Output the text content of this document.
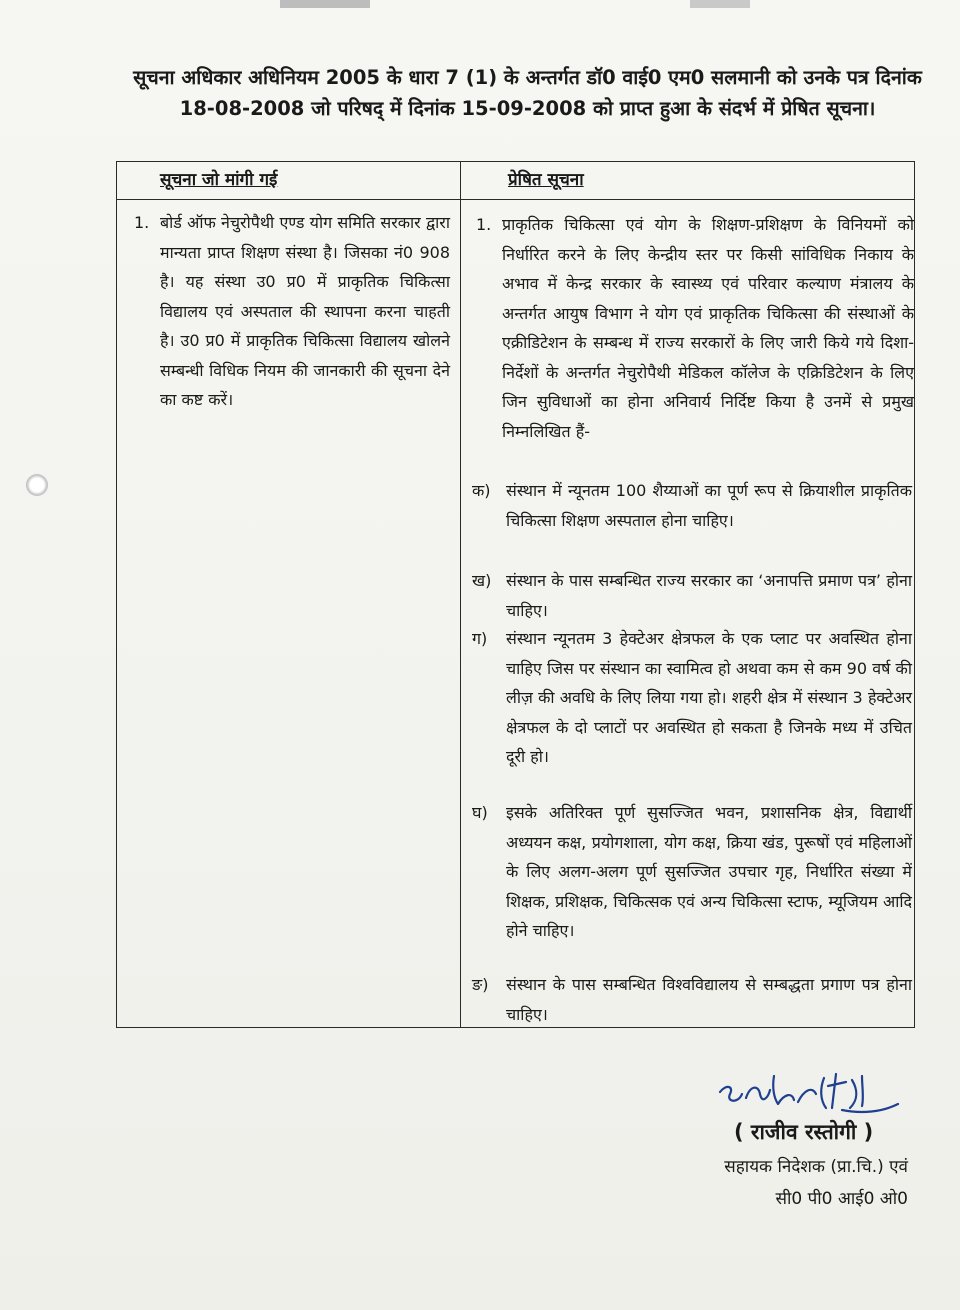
सूचना अधिकार अधिनियम 2005 के धारा 7 (1) के अन्तर्गत डॉ0 वाई0 एम0 सलमानी को उनके पत्र दिनांक 18-08-2008 जो परिषद् में दिनांक 15-09-2008 को प्राप्त हुआ के संदर्भ में प्रेषित सूचना।
सूचना जो मांगी गई	प्रेषित सूचना
1. बोर्ड ऑफ नेचुरोपैथी एण्ड योग समिति सरकार द्वारा मान्यता प्राप्त शिक्षण संस्था है। जिसका नं0 908 है। यह संस्था उ0 प्र0 में प्राकृतिक चिकित्सा विद्यालय एवं अस्पताल की स्थापना करना चाहती है। उ0 प्र0 में प्राकृतिक चिकित्सा विद्यालय खोलने सम्बन्धी विधिक नियम की जानकारी की सूचना देने का कष्ट करें।
1. प्राकृतिक चिकित्सा एवं योग के शिक्षण-प्रशिक्षण के विनियमों को निर्धारित करने के लिए केन्द्रीय स्तर पर किसी सांविधिक निकाय के अभाव में केन्द्र सरकार के स्वास्थ्य एवं परिवार कल्याण मंत्रालय के अन्तर्गत आयुष विभाग ने योग एवं प्राकृतिक चिकित्सा की संस्थाओं के एक्रीडिटेशन के सम्बन्ध में राज्य सरकारों के लिए जारी किये गये दिशा-निर्देशों के अन्तर्गत नेचुरोपैथी मेडिकल कॉलेज के एक्रिडिटेशन के लिए जिन सुविधाओं का होना अनिवार्य निर्दिष्ट किया है उनमें से प्रमुख निम्नलिखित हैं-
क) संस्थान में न्यूनतम 100 शैय्याओं का पूर्ण रूप से क्रियाशील प्राकृतिक चिकित्सा शिक्षण अस्पताल होना चाहिए।
ख) संस्थान के पास सम्बन्धित राज्य सरकार का ‘अनापत्ति प्रमाण पत्र’ होना चाहिए।
ग) संस्थान न्यूनतम 3 हेक्टेअर क्षेत्रफल के एक प्लाट पर अवस्थित होना चाहिए जिस पर संस्थान का स्वामित्व हो अथवा कम से कम 90 वर्ष की लीज़ की अवधि के लिए लिया गया हो। शहरी क्षेत्र में संस्थान 3 हेक्टेअर क्षेत्रफल के दो प्लाटों पर अवस्थित हो सकता है जिनके मध्य में उचित दूरी हो।
घ) इसके अतिरिक्त पूर्ण सुसज्जित भवन, प्रशासनिक क्षेत्र, विद्यार्थी अध्ययन कक्ष, प्रयोगशाला, योग कक्ष, क्रिया खंड, पुरूषों एवं महिलाओं के लिए अलग-अलग पूर्ण सुसज्जित उपचार गृह, निर्धारित संख्या में शिक्षक, प्रशिक्षक, चिकित्सक एवं अन्य चिकित्सा स्टाफ, म्यूजियम आदि होने चाहिए।
ङ) संस्थान के पास सम्बन्धित विश्वविद्यालय से सम्बद्धता प्रगाण पत्र होना चाहिए।
( राजीव रस्तोगी )
सहायक निदेशक (प्रा.चि.) एवं
सी0 पी0 आई0 ओ0
